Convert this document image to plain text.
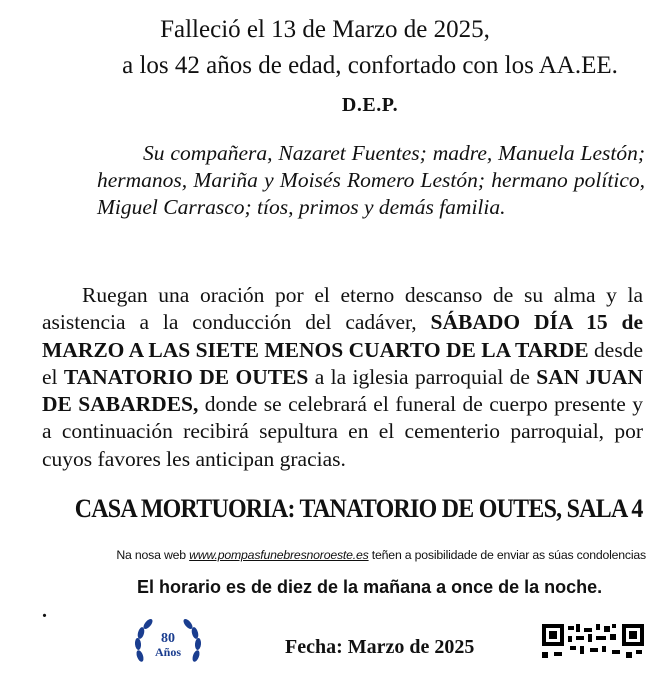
Falleció el 13 de Marzo de 2025,
a los 42 años de edad, confortado con los AA.EE.
D.E.P.
Su compañera, Nazaret Fuentes; madre, Manuela Lestón; hermanos, Mariña y Moisés Romero Lestón; hermano político, Miguel Carrasco; tíos, primos y demás familia.
Ruegan una oración por el eterno descanso de su alma y la asistencia a la conducción del cadáver, SÁBADO DÍA 15 de MARZO A LAS SIETE MENOS CUARTO DE LA TARDE desde el TANATORIO DE OUTES a la iglesia parroquial de SAN JUAN DE SABARDES, donde se celebrará el funeral de cuerpo presente y a continuación recibirá sepultura en el cementerio parroquial, por cuyos favores les anticipan gracias.
CASA MORTUORIA: TANATORIO DE OUTES, SALA 4
Na nosa web www.pompasfunebresnoroeste.es teñen a posibilidade de enviar as súas condolencias
El horario es de diez de la mañana a once de la noche.
.
80
Años	Fecha: Marzo de 2025
